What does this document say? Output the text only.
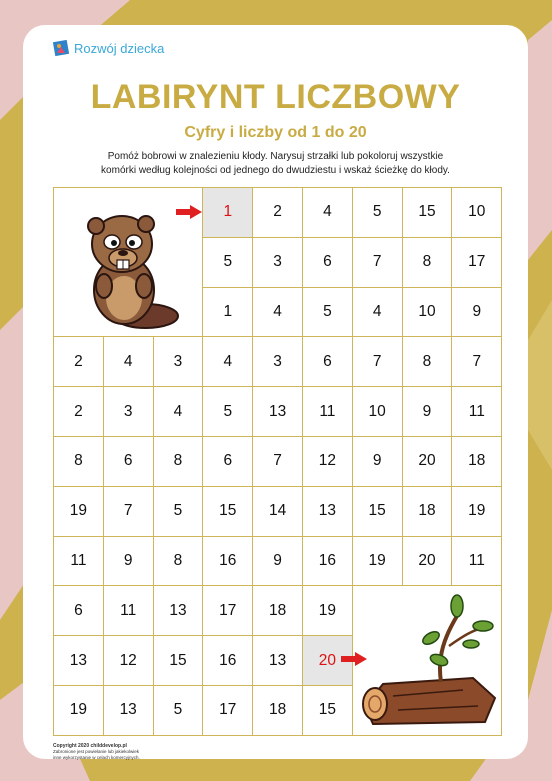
Rozwój dziecka
LABIRYNT LICZBOWY
Cyfry i liczby od 1 do 20
Pomóż bobrowi w znalezieniu kłody. Narysuj strzałki lub pokoloruj wszystkie
komórki według kolejności od jednego do dwudziestu i wskaż ścieżkę do kłody.
1	2	4	5	15	10
5	3	6	7	8	17
1	4	5	4	10	9
2	4	3	4	3	6	7	8	7
2	3	4	5	13	11	10	9	11
8	6	8	6	7	12	9	20	18
19	7	5	15	14	13	15	18	19
11	9	8	16	9	16	19	20	11
6	11	13	17	18	19
13	12	15	16	13	20
19	13	5	17	18	15
Copyright 2020 childdevelop.pl
Zabronione jest powielanie lub jakiekolwiek
inne wykorzystanie w celach komercyjnych.
